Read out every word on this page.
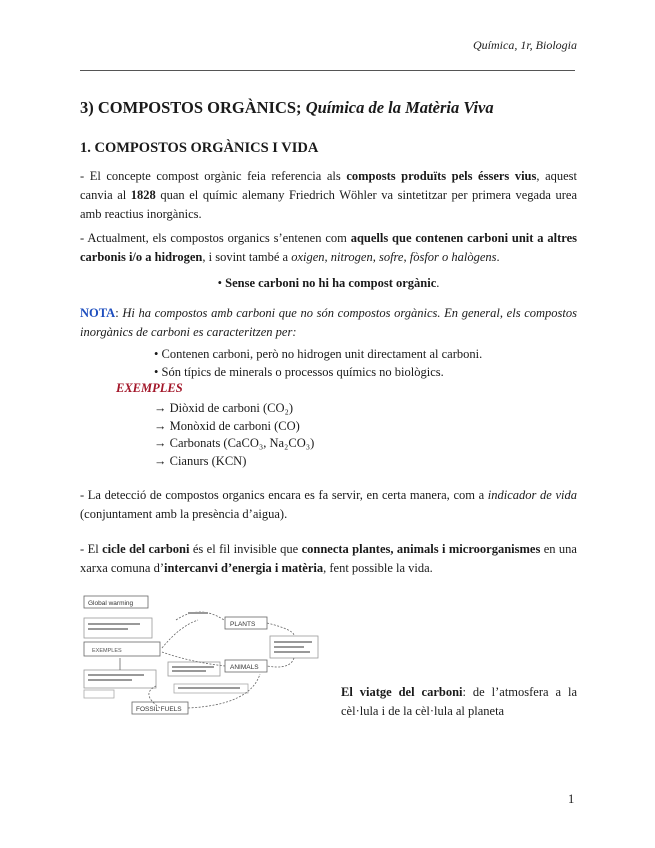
Química, 1r, Biologia
3) COMPOSTOS ORGÀNICS; Química de la Matèria Viva
1. COMPOSTOS ORGÀNICS I VIDA
- El concepte compost orgànic feia referencia als composts produïts pels éssers vius, aquest canvia al 1828 quan el químic alemany Friedrich Wöhler va sintetitzar per primera vegada urea amb reactius inorgànics.
- Actualment, els compostos organics s’entenen com aquells que contenen carboni unit a altres carbonis i/o a hidrogen, i sovint també a oxigen, nitrogen, sofre, fòsfor o halògens.
• Sense carboni no hi ha compost orgànic.
NOTA: Hi ha compostos amb carboni que no són compostos orgànics. En general, els compostos inorgànics de carboni es caracteritzen per:
• Contenen carboni, però no hidrogen unit directament al carboni.
• Són típics de minerals o processos químics no biològics.
EXEMPLES
→ Diòxid de carboni (CO₂)
→ Monòxid de carboni (CO)
→ Carbonats (CaCO₃, Na₂CO₃)
→ Cianurs (KCN)
- La detecció de compostos organics encara es fa servir, en certa manera, com a indicador de vida (conjuntament amb la presència d’aigua).
- El cicle del carboni és el fil invisible que connecta plantes, animals i microorganismes en una xarxa comuna d’intercanvi d’energia i matèria, fent possible la vida.
Global warming
PLANTS
ANIMALS
FOSSIL FUELS
EXEMPLES
El viatge del carboni: de l’atmosfera a la cèl·lula i de la cèl·lula al planeta
1
